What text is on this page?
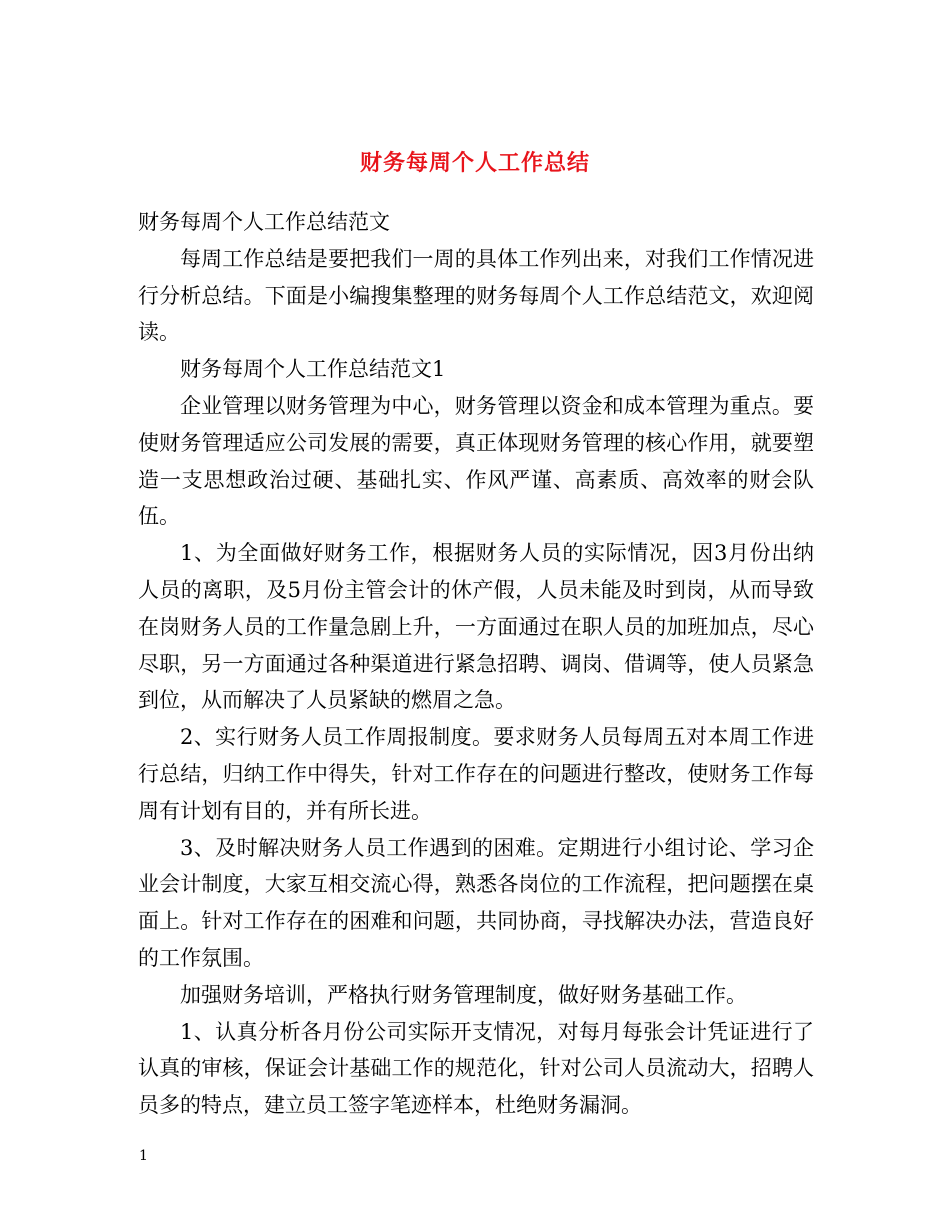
财务每周个人工作总结

财务每周个人工作总结范文

每周工作总结是要把我们一周的具体工作列出来，对我们工作情况进行分析总结。下面是小编搜集整理的财务每周个人工作总结范文，欢迎阅读。

财务每周个人工作总结范文1

企业管理以财务管理为中心，财务管理以资金和成本管理为重点。要使财务管理适应公司发展的需要，真正体现财务管理的核心作用，就要塑造一支思想政治过硬、基础扎实、作风严谨、高素质、高效率的财会队伍。

1、为全面做好财务工作，根据财务人员的实际情况，因3月份出纳人员的离职，及5月份主管会计的休产假，人员未能及时到岗，从而导致在岗财务人员的工作量急剧上升，一方面通过在职人员的加班加点，尽心尽职，另一方面通过各种渠道进行紧急招聘、调岗、借调等，使人员紧急到位，从而解决了人员紧缺的燃眉之急。

2、实行财务人员工作周报制度。要求财务人员每周五对本周工作进行总结，归纳工作中得失，针对工作存在的问题进行整改，使财务工作每周有计划有目的，并有所长进。

3、及时解决财务人员工作遇到的困难。定期进行小组讨论、学习企业会计制度，大家互相交流心得，熟悉各岗位的工作流程，把问题摆在桌面上。针对工作存在的困难和问题，共同协商，寻找解决办法，营造良好的工作氛围。

加强财务培训，严格执行财务管理制度，做好财务基础工作。

1、认真分析各月份公司实际开支情况，对每月每张会计凭证进行了认真的审核，保证会计基础工作的规范化，针对公司人员流动大，招聘人员多的特点，建立员工签字笔迹样本，杜绝财务漏洞。

1
